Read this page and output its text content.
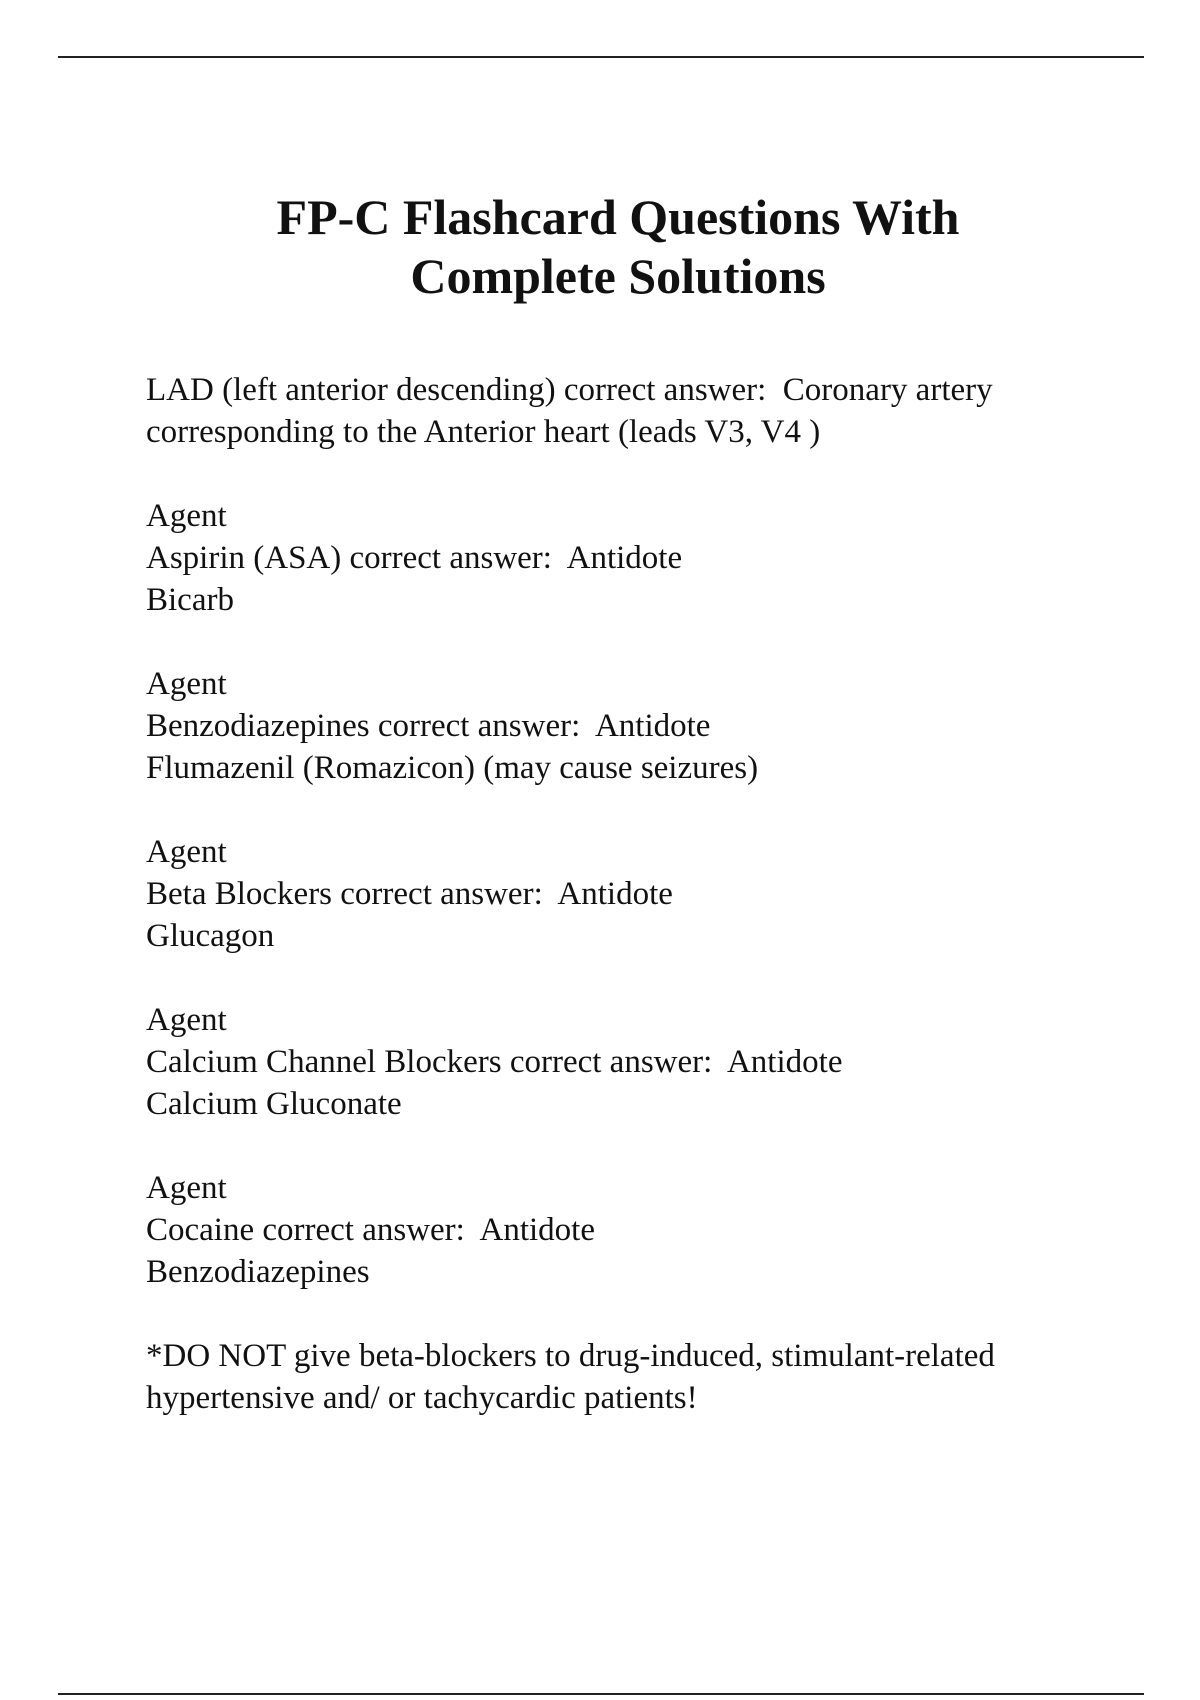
FP-C Flashcard Questions With
Complete Solutions

LAD (left anterior descending) correct answer:  Coronary artery
corresponding to the Anterior heart (leads V3, V4 )

Agent
Aspirin (ASA) correct answer:  Antidote
Bicarb

Agent
Benzodiazepines correct answer:  Antidote
Flumazenil (Romazicon) (may cause seizures)

Agent
Beta Blockers correct answer:  Antidote
Glucagon

Agent
Calcium Channel Blockers correct answer:  Antidote
Calcium Gluconate

Agent
Cocaine correct answer:  Antidote
Benzodiazepines

*DO NOT give beta-blockers to drug-induced, stimulant-related
hypertensive and/ or tachycardic patients!
